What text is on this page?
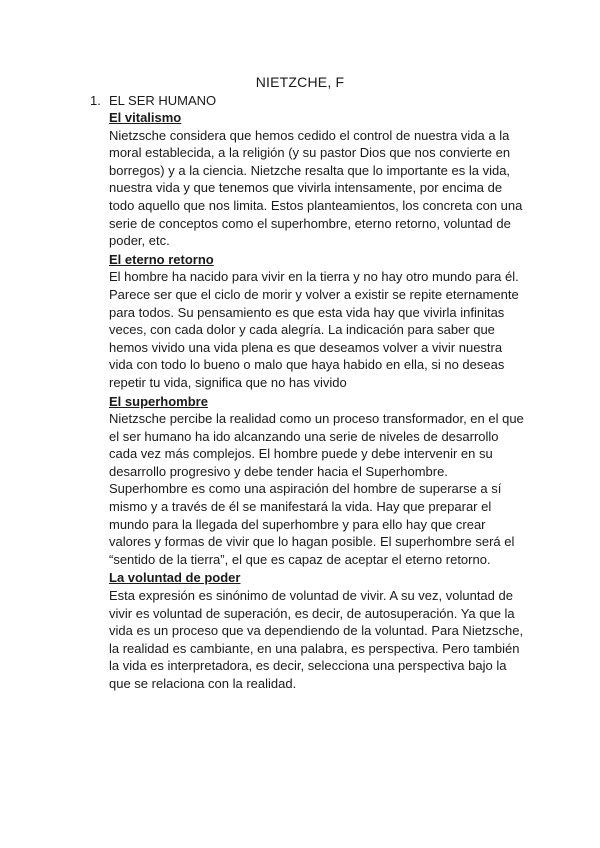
NIETZCHE, F
1. EL SER HUMANO
El vitalismo

Nietzsche considera que hemos cedido el control de nuestra vida a la moral establecida, a la religión (y su pastor Dios que nos convierte en borregos) y a la ciencia. Nietzche resalta que lo importante es la vida, nuestra vida y que tenemos que vivirla intensamente, por encima de todo aquello que nos limita. Estos planteamientos, los concreta con una serie de conceptos como el superhombre, eterno retorno, voluntad de poder, etc.

El eterno retorno

El hombre ha nacido para vivir en la tierra y no hay otro mundo para él. Parece ser que el ciclo de morir y volver a existir se repite eternamente para todos. Su pensamiento es que esta vida hay que vivirla infinitas veces, con cada dolor y cada alegría. La indicación para saber que hemos vivido una vida plena es que deseamos volver a vivir nuestra vida con todo lo bueno o malo que haya habido en ella, si no deseas repetir tu vida, significa que no has vivido

El superhombre

Nietzsche percibe la realidad como un proceso transformador, en el que el ser humano ha ido alcanzando una serie de niveles de desarrollo cada vez más complejos. El hombre puede y debe intervenir en su desarrollo progresivo y debe tender hacia el Superhombre. Superhombre es como una aspiración del hombre de superarse a sí mismo y a través de él se manifestará la vida. Hay que preparar el mundo para la llegada del superhombre y para ello hay que crear valores y formas de vivir que lo hagan posible. El superhombre será el “sentido de la tierra”, el que es capaz de aceptar el eterno retorno.

La voluntad de poder

Esta expresión es sinónimo de voluntad de vivir. A su vez, voluntad de vivir es voluntad de superación, es decir, de autosuperación. Ya que la vida es un proceso que va dependiendo de la voluntad. Para Nietzsche, la realidad es cambiante, en una palabra, es perspectiva. Pero también la vida es interpretadora, es decir, selecciona una perspectiva bajo la que se relaciona con la realidad.
